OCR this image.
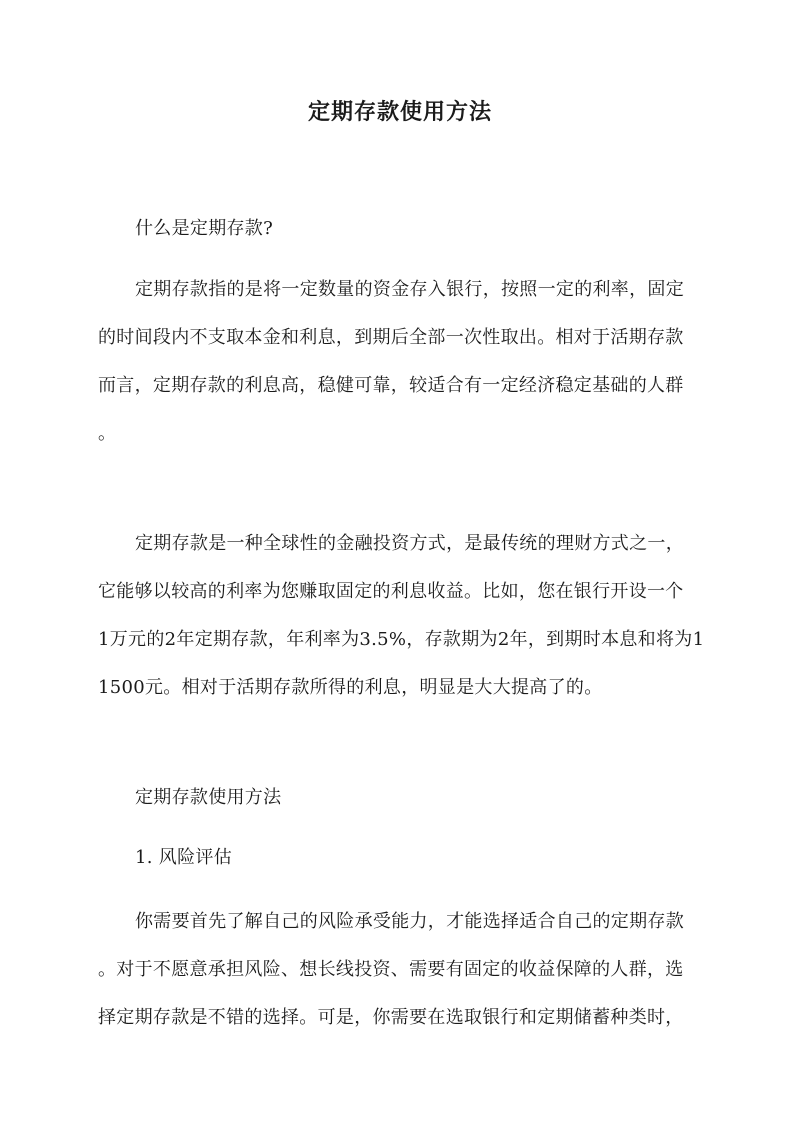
定期存款使用方法
什么是定期存款?
定期存款指的是将一定数量的资金存入银行，按照一定的利率，固定
的时间段内不支取本金和利息，到期后全部一次性取出。相对于活期存款
而言，定期存款的利息高，稳健可靠，较适合有一定经济稳定基础的人群
。
定期存款是一种全球性的金融投资方式，是最传统的理财方式之一，
它能够以较高的利率为您赚取固定的利息收益。比如，您在银行开设一个
1万元的2年定期存款，年利率为3.5%，存款期为2年，到期时本息和将为1
1500元。相对于活期存款所得的利息，明显是大大提高了的。
定期存款使用方法
1. 风险评估
你需要首先了解自己的风险承受能力，才能选择适合自己的定期存款
。对于不愿意承担风险、想长线投资、需要有固定的收益保障的人群，选
择定期存款是不错的选择。可是，你需要在选取银行和定期储蓄种类时，
